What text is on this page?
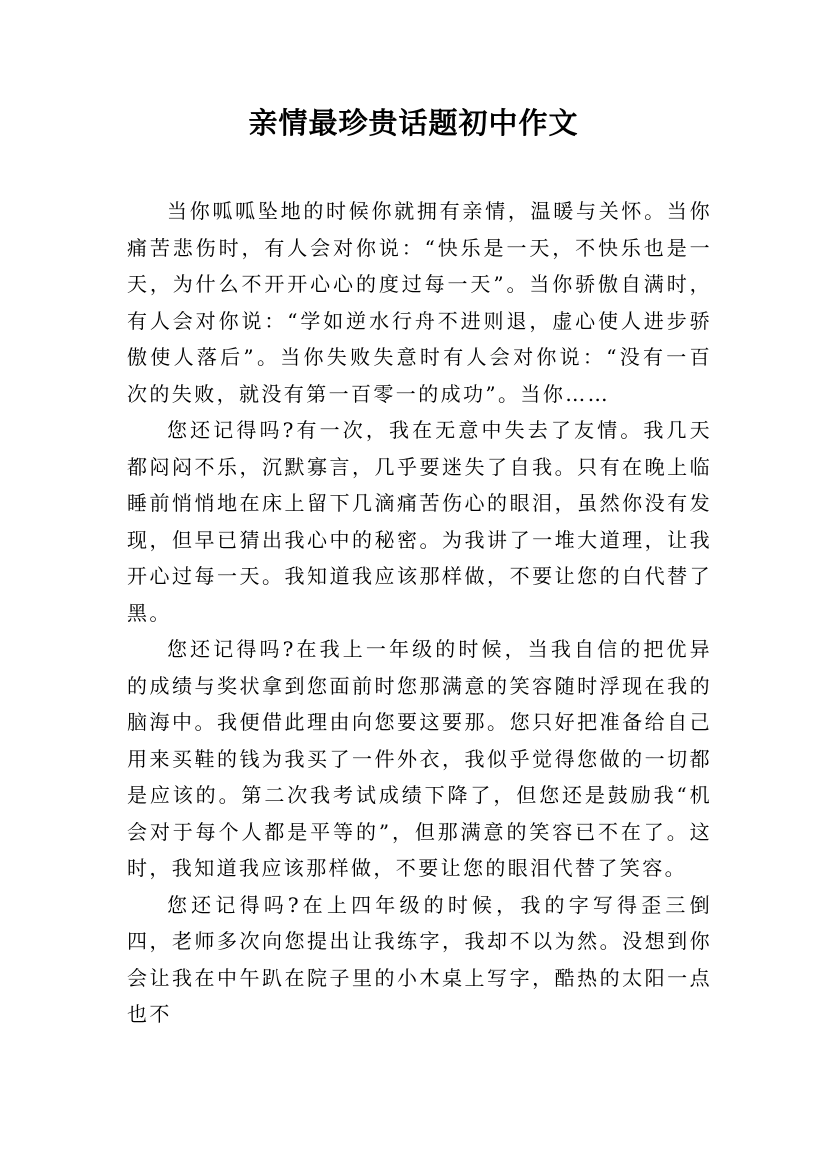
亲情最珍贵话题初中作文

当你呱呱坠地的时候你就拥有亲情，温暖与关怀。当你痛苦悲伤时，有人会对你说：“快乐是一天，不快乐也是一天，为什么不开开心心的度过每一天”。当你骄傲自满时，有人会对你说：“学如逆水行舟不进则退，虚心使人进步骄傲使人落后”。当你失败失意时有人会对你说：“没有一百次的失败，就没有第一百零一的成功”。当你……

您还记得吗?有一次，我在无意中失去了友情。我几天都闷闷不乐，沉默寡言，几乎要迷失了自我。只有在晚上临睡前悄悄地在床上留下几滴痛苦伤心的眼泪，虽然你没有发现，但早已猜出我心中的秘密。为我讲了一堆大道理，让我开心过每一天。我知道我应该那样做，不要让您的白代替了黑。

您还记得吗?在我上一年级的时候，当我自信的把优异的成绩与奖状拿到您面前时您那满意的笑容随时浮现在我的脑海中。我便借此理由向您要这要那。您只好把准备给自己用来买鞋的钱为我买了一件外衣，我似乎觉得您做的一切都是应该的。第二次我考试成绩下降了，但您还是鼓励我“机会对于每个人都是平等的”，但那满意的笑容已不在了。这时，我知道我应该那样做，不要让您的眼泪代替了笑容。

您还记得吗?在上四年级的时候，我的字写得歪三倒四，老师多次向您提出让我练字，我却不以为然。没想到你会让我在中午趴在院子里的小木桌上写字，酷热的太阳一点也不
